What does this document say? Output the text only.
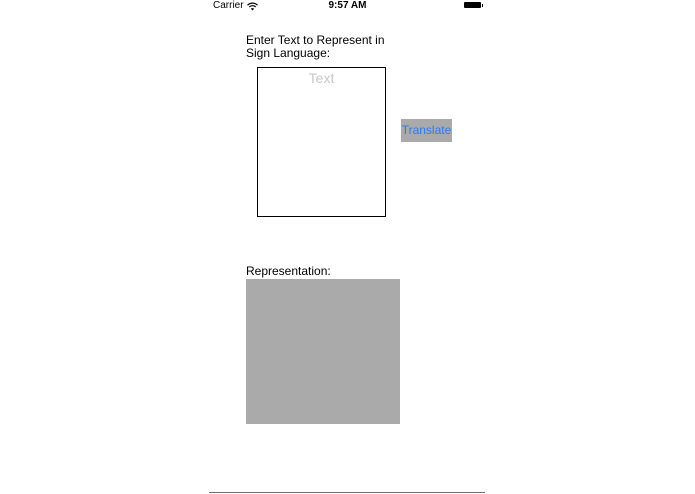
Carrier	9:57 AM
Enter Text to Represent in Sign Language:
Text
Translate
Representation:
